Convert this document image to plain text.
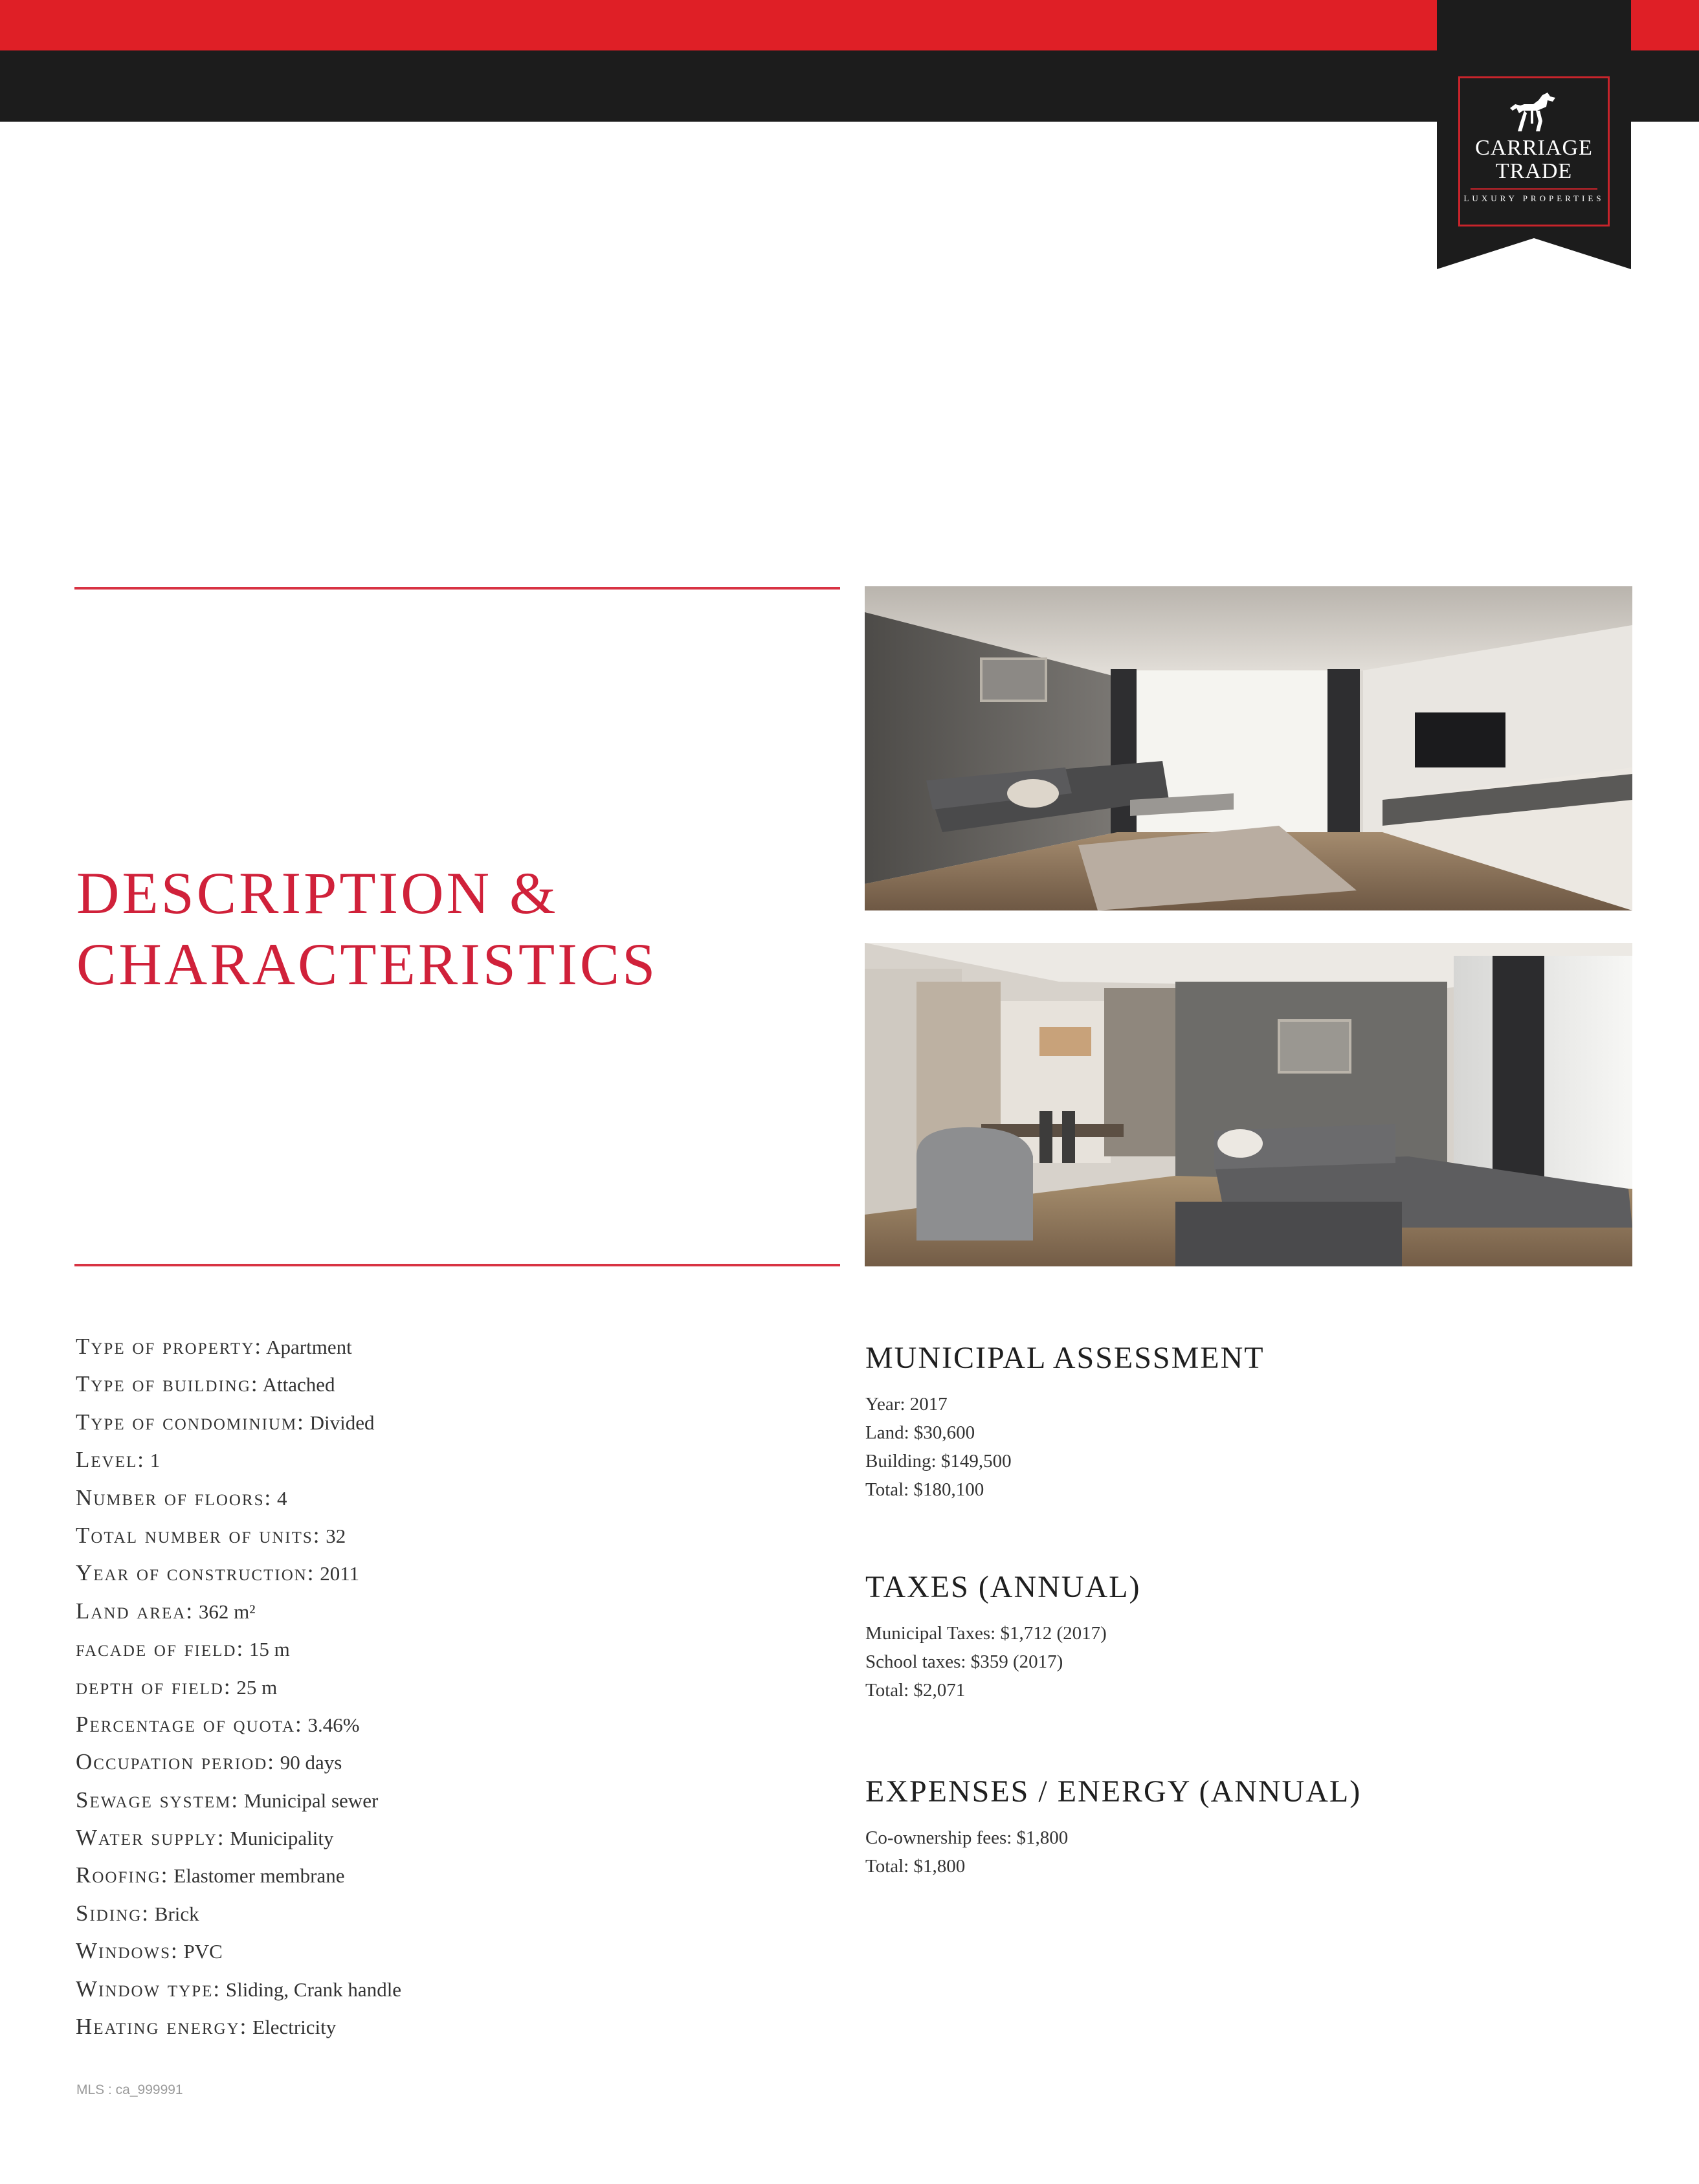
CARRIAGE
TRADE
LUXURY PROPERTIES
DESCRIPTION &
CHARACTERISTICS
Type of property: Apartment
Type of building: Attached
Type of condominium: Divided
Level: 1
Number of floors: 4
Total number of units: 32
Year of construction: 2011
Land area: 362 m²
facade of field: 15 m
depth of field: 25 m
Percentage of quota: 3.46%
Occupation period: 90 days
Sewage system: Municipal sewer
Water supply: Municipality
Roofing: Elastomer membrane
Siding: Brick
Windows: PVC
Window type: Sliding, Crank handle
Heating energy: Electricity
MUNICIPAL ASSESSMENT
Year: 2017
Land: $30,600
Building: $149,500
Total: $180,100
TAXES (ANNUAL)
Municipal Taxes: $1,712 (2017)
School taxes: $359 (2017)
Total: $2,071
EXPENSES / ENERGY (ANNUAL)
Co-ownership fees: $1,800
Total: $1,800
MLS : ca_999991
